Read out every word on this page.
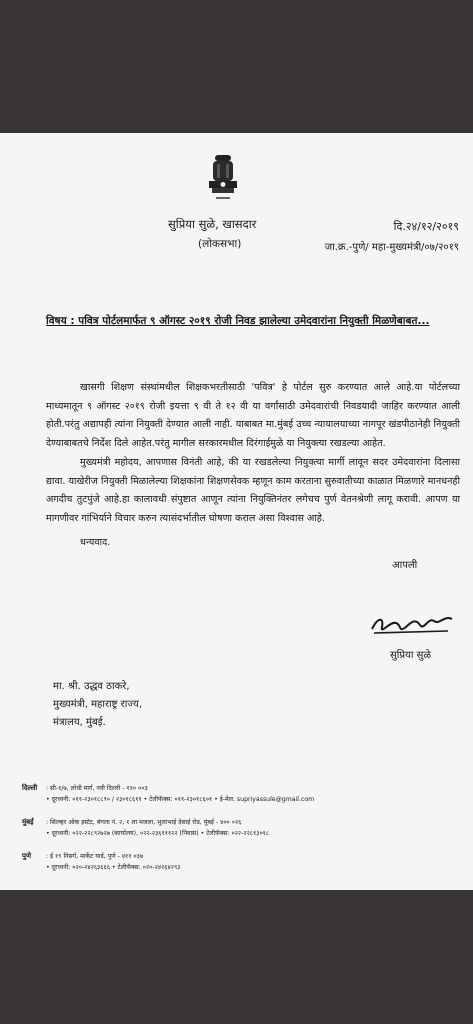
सुप्रिया सुळे, खासदार
(लोकसभा)
दि.२४/१२/२०१९
जा.क्र.-पुणे/ महा-मुख्यमंत्री/०७/२०१९
विषय : पवित्र पोर्टलमार्फत ९ ऑगस्ट २०१९ रोजी निवड झालेल्या उमेदवारांना नियुक्ती मिळणेबाबत...

खासगी शिक्षण संस्थांमधील शिक्षकभरतीसाठी 'पवित्र' हे पोर्टल सुरु करण्यात आले आहे.या पोर्टलच्या माध्यमातून ९ ऑगस्ट २०१९ रोजी इयत्ता ९ वी ते १२ वी या वर्गांसाठी उमेदवारांची निवडयादी जाहिर करण्यात आली होती.परंतु अद्यापही त्यांना नियुक्ती देण्यात आली नाही. याबाबत मा.मुंबई उच्च न्यायालयाच्या नागपूर खंडपीठानेही नियुक्ती देण्याबाबतचे निर्देश दिले आहेत.परंतु मागील सरकारमधील दिरंगाईमुळे या नियुक्त्या रखडल्या आहेत.

मुख्यमंत्री महोदय, आपणास विनंती आहे, की या रखडलेल्या नियुक्त्या मार्गी लावून सदर उमेदवारांना दिलासा द्यावा. याखेरीज नियुक्ती मिळालेल्या शिक्षकांना शिक्षणसेवक म्हणून काम करताना सुरुवातीच्या काळात मिळणारे मानधनही अगदीच तुटपुंजे आहे.हा कालावधी संपुष्टात आणून त्यांना नियुक्तिनंतर लगेचच पुर्ण वेतनश्रेणी लागू करावी. आपण या मागणीवर गांभिर्याने विचार करुन त्यासंदर्भातील घोषणा कराल असा विश्वास आहे.

धन्यवाद.
आपली
सुप्रिया सुळे
मा. श्री. उद्धव ठाकरे,
मुख्यमंत्री, महाराष्ट्र राज्य,
मंत्रालय, मुंबई.
दिल्ली : सी-१/७, लोधी मार्ग, नवी दिल्ली - ११० ००३
• दूरध्वनी: ०११-२३०१८८९० / २३०१८६११ • टेलीफॅक्स: ०११-२३०१८६०१ • ई-मेल: supriyassule@gmail.com
मुंबई : सिल्व्हर ओक इस्टेट, बंगला नं. २, १ ला मजला, भुलाभाई देसाई रोड, मुंबई - ४०० ०२६
• दूरध्वनी: ०२२-२२८९२७२७ (कार्यालय), ०२२-२३६१११२२ (निवास) • टेलीफॅक्स: ०२२-२२८१३०१८
पुणे : ई १९ निसर्ग, मार्केट यार्ड, पुणे - ४११ ०३७
• दूरध्वनी: ०२०-२४२६३६६६ • टेलीफॅक्स: ०२०-२४२६४२९३
